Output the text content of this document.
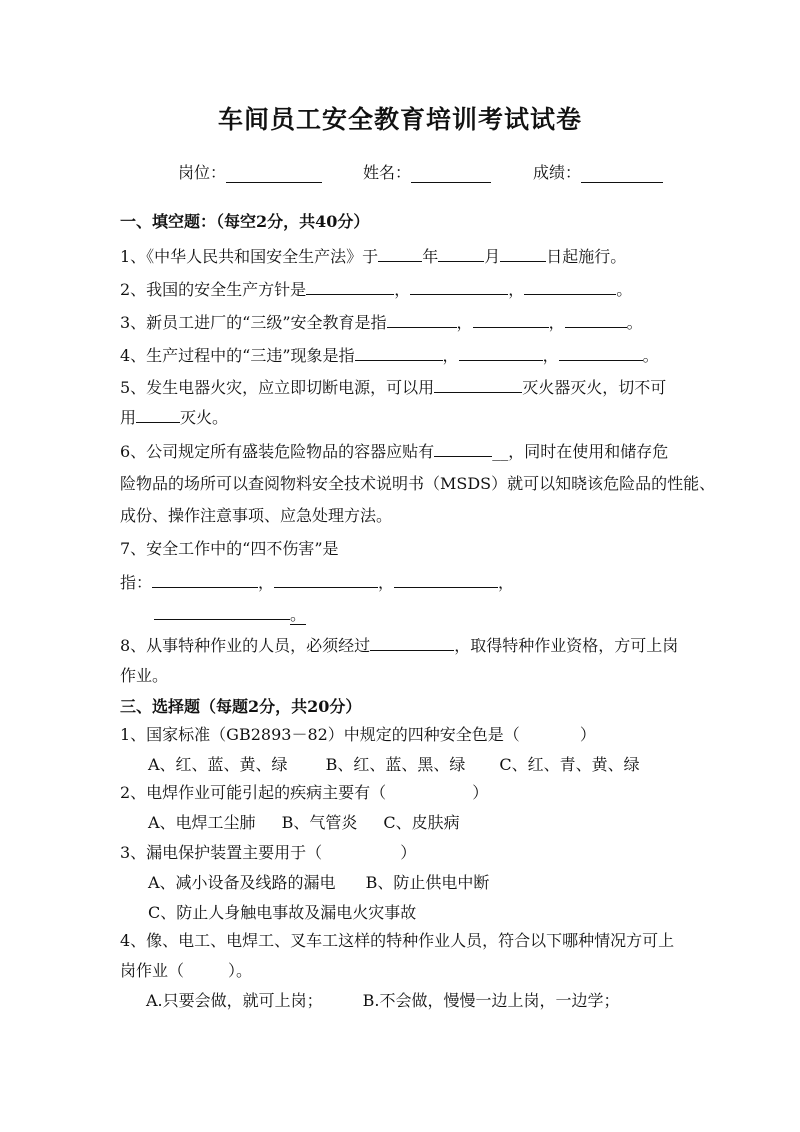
车间员工安全教育培训考试试卷
岗位：	姓名：	成绩：
一、填空题：（每空2分，共40分）
1、《中华人民共和国安全生产法》于	年	月	日起施行。
2、我国的安全生产方针是	，	，	。
3、新员工进厂的“三级”安全教育是指	，	，	。
4、生产过程中的“三违”现象是指	，	，	。
5、发生电器火灾，应立即切断电源，可以用	灭火器灭火，切不可
用	灭火。
6、公司规定所有盛装危险物品的容器应贴有	__，同时在使用和储存危
险物品的场所可以查阅物料安全技术说明书（MSDS）就可以知晓该危险品的性能、
成份、操作注意事项、应急处理方法。
7、安全工作中的“四不伤害”是
指：	，	，	，
。
8、从事特种作业的人员，必须经过	，取得特种作业资格，方可上岗
作业。
三、选择题（每题2分，共20分）
1、国家标准（GB2893－82）中规定的四种安全色是（	）
A、红、蓝、黄、绿 B、红、蓝、黑、绿 C、红、青、黄、绿
2、电焊作业可能引起的疾病主要有（	）
A、电焊工尘肺 B、气管炎 C、皮肤病
3、漏电保护装置主要用于（	）
A、减小设备及线路的漏电 B、防止供电中断
C、防止人身触电事故及漏电火灾事故
4、像、电工、电焊工、叉车工这样的特种作业人员，符合以下哪种情况方可上
岗作业（	）。
A.只要会做，就可上岗；	B.不会做，慢慢一边上岗，一边学；
